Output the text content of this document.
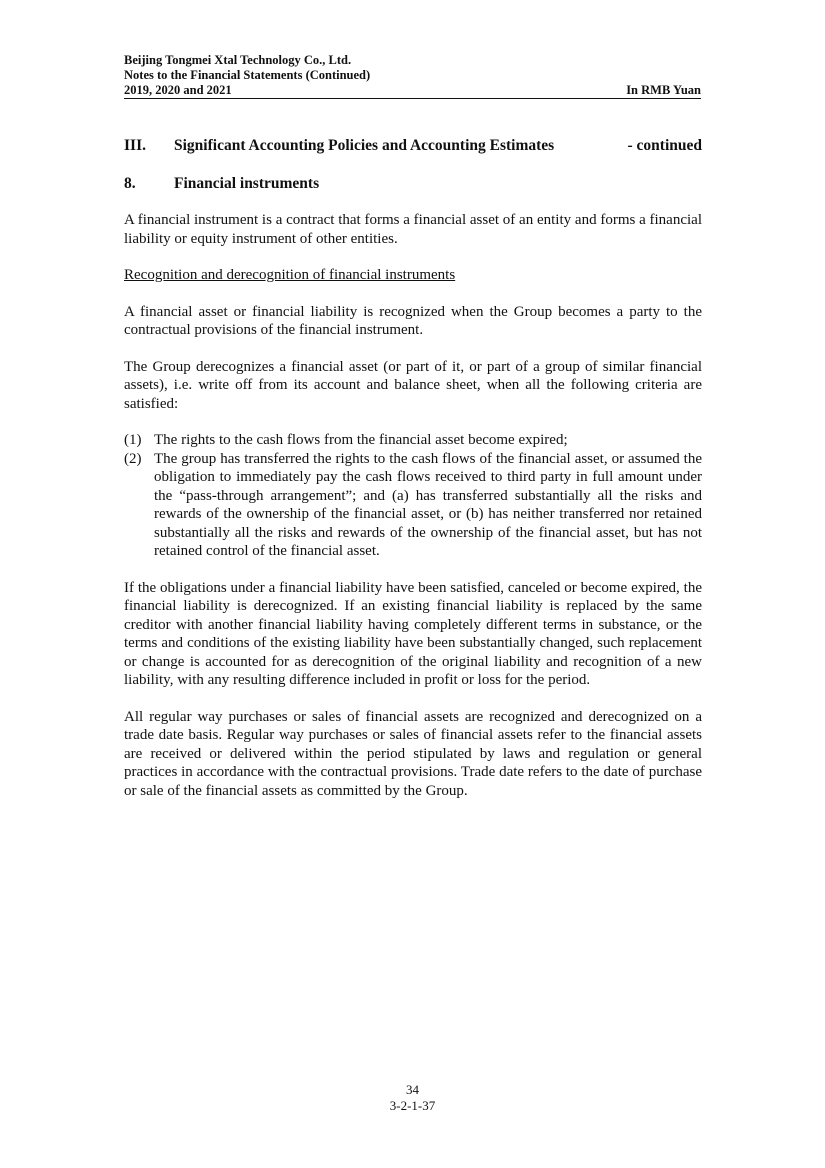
Beijing Tongmei Xtal Technology Co., Ltd.
Notes to the Financial Statements (Continued)
2019, 2020 and 2021	In RMB Yuan
III.	Significant Accounting Policies and Accounting Estimates	- continued
8.	Financial instruments

A financial instrument is a contract that forms a financial asset of an entity and forms a financial liability or equity instrument of other entities.

Recognition and derecognition of financial instruments

A financial asset or financial liability is recognized when the Group becomes a party to the contractual provisions of the financial instrument.

The Group derecognizes a financial asset (or part of it, or part of a group of similar financial assets), i.e. write off from its account and balance sheet, when all the following criteria are satisfied:

(1) The rights to the cash flows from the financial asset become expired;
(2) The group has transferred the rights to the cash flows of the financial asset, or assumed the obligation to immediately pay the cash flows received to third party in full amount under the “pass-through arrangement”; and (a) has transferred substantially all the risks and rewards of the ownership of the financial asset, or (b) has neither transferred nor retained substantially all the risks and rewards of the ownership of the financial asset, but has not retained control of the financial asset.

If the obligations under a financial liability have been satisfied, canceled or become expired, the financial liability is derecognized. If an existing financial liability is replaced by the same creditor with another financial liability having completely different terms in substance, or the terms and conditions of the existing liability have been substantially changed, such replacement or change is accounted for as derecognition of the original liability and recognition of a new liability, with any resulting difference included in profit or loss for the period.

All regular way purchases or sales of financial assets are recognized and derecognized on a trade date basis. Regular way purchases or sales of financial assets refer to the financial assets are received or delivered within the period stipulated by laws and regulation or general practices in accordance with the contractual provisions. Trade date refers to the date of purchase or sale of the financial assets as committed by the Group.

34
3-2-1-37
